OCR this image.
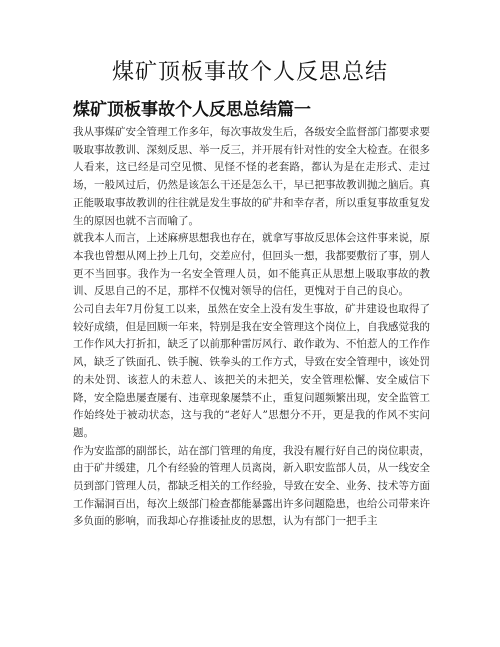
煤矿顶板事故个人反思总结
煤矿顶板事故个人反思总结篇一

我从事煤矿安全管理工作多年，每次事故发生后，各级安全监督部门都要求要吸取事故教训、深刻反思、举一反三，并开展有针对性的安全大检查。在很多人看来，这已经是司空见惯、见怪不怪的老套路，都认为是在走形式、走过场，一般风过后，仍然是该怎么干还是怎么干，早已把事故教训抛之脑后。真正能吸取事故教训的往往就是发生事故的矿井和幸存者，所以重复事故重复发生的原因也就不言而喻了。

就我本人而言，上述麻痹思想我也存在，就拿写事故反思体会这件事来说，原本我也曾想从网上抄上几句，交差应付，但回头一想，我都要敷衍了事，别人更不当回事。我作为一名安全管理人员，如不能真正从思想上吸取事故的教训、反思自己的不足，那样不仅愧对领导的信任，更愧对于自己的良心。

公司自去年7月份复工以来，虽然在安全上没有发生事故，矿井建设也取得了较好成绩，但是回顾一年来，特别是我在安全管理这个岗位上，自我感觉我的工作作风大打折扣，缺乏了以前那种雷厉风行、敢作敢为、不怕惹人的工作作风，缺乏了铁面孔、铁手腕、铁拳头的工作方式，导致在安全管理中，该处罚的未处罚、该惹人的未惹人、该把关的未把关，安全管理松懈、安全威信下降，安全隐患屡查屡有、违章现象屡禁不止，重复问题频繁出现，安全监管工作始终处于被动状态，这与我的“老好人”思想分不开，更是我的作风不实问题。

作为安监部的副部长，站在部门管理的角度，我没有履行好自己的岗位职责，由于矿井缓建，几个有经验的管理人员离岗，新入职安监部人员，从一线安全员到部门管理人员，都缺乏相关的工作经验，导致在安全、业务、技术等方面工作漏洞百出，每次上级部门检查都能暴露出许多问题隐患，也给公司带来许多负面的影响，而我却心存推诿扯皮的思想，认为有部门一把手主
